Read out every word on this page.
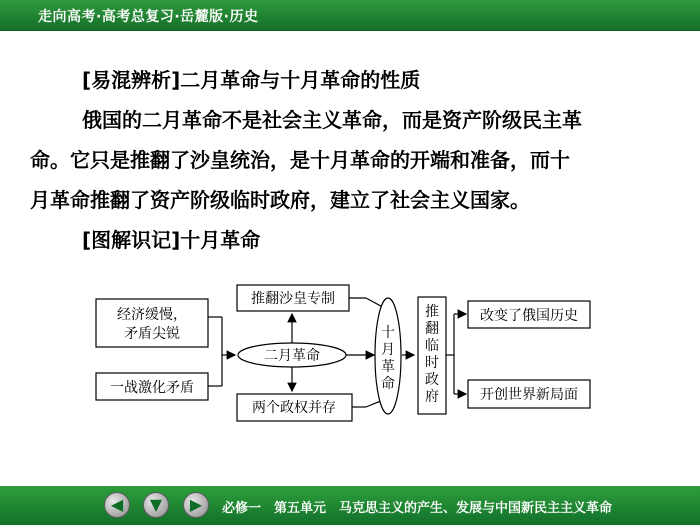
走向高考·高考总复习·岳麓版·历史

[易混辨析]二月革命与十月革命的性质

俄国的二月革命不是社会主义革命，而是资产阶级民主革

命。它只是推翻了沙皇统治，是十月革命的开端和准备，而十

月革命推翻了资产阶级临时政府，建立了社会主义国家。

[图解识记]十月革命

经济缓慢，
矛盾尖锐
一战激化矛盾
二月革命
推翻沙皇专制
两个政权并存
十
月
革
命
推
翻
临
时
政
府
改变了俄国历史
开创世界新局面
◀ ▼ ▶ 必修一　第五单元　马克思主义的产生、发展与中国新民主主义革命
